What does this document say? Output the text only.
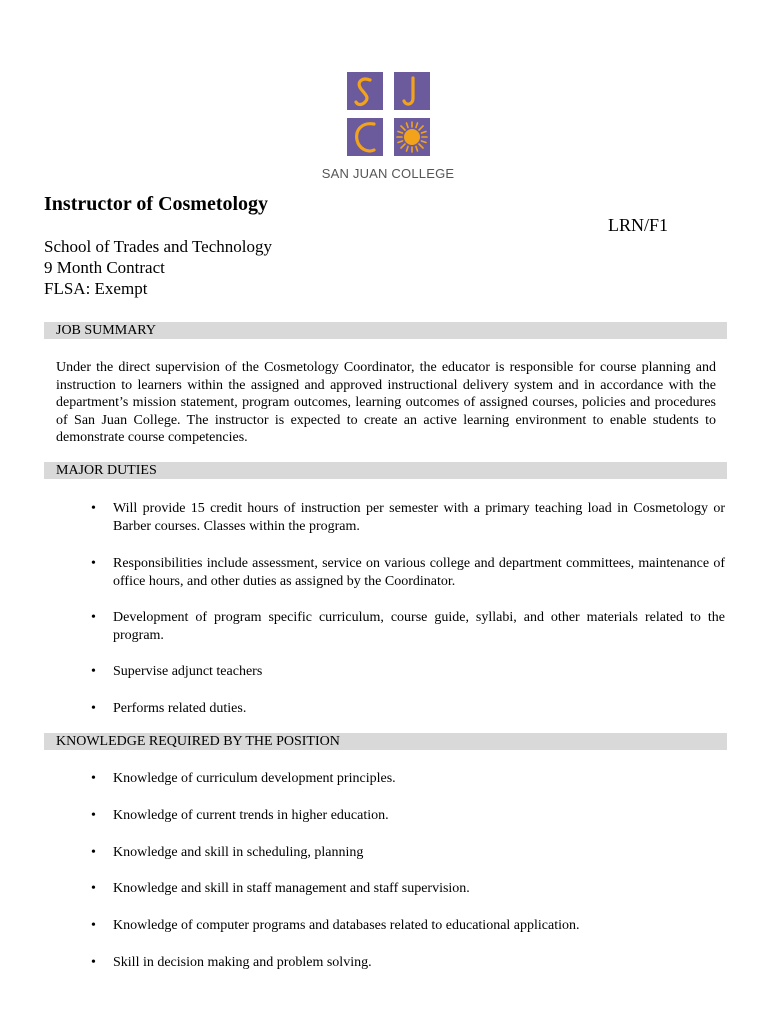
SAN JUAN COLLEGE
Instructor of Cosmetology
LRN/F1
School of Trades and Technology
9 Month Contract
FLSA: Exempt
JOB SUMMARY

Under the direct supervision of the Cosmetology Coordinator, the educator is responsible for course planning and instruction to learners within the assigned and approved instructional delivery system and in accordance with the department’s mission statement, program outcomes, learning outcomes of assigned courses, policies and procedures of San Juan College. The instructor is expected to create an active learning environment to enable students to demonstrate course competencies.

MAJOR DUTIES
• Will provide 15 credit hours of instruction per semester with a primary teaching load in Cosmetology or Barber courses. Classes within the program.
• Responsibilities include assessment, service on various college and department committees, maintenance of office hours, and other duties as assigned by the Coordinator.
• Development of program specific curriculum, course guide, syllabi, and other materials related to the program.
• Supervise adjunct teachers
• Performs related duties.
KNOWLEDGE REQUIRED BY THE POSITION
• Knowledge of curriculum development principles.
• Knowledge of current trends in higher education.
• Knowledge and skill in scheduling, planning
• Knowledge and skill in staff management and staff supervision.
• Knowledge of computer programs and databases related to educational application.
• Skill in decision making and problem solving.
